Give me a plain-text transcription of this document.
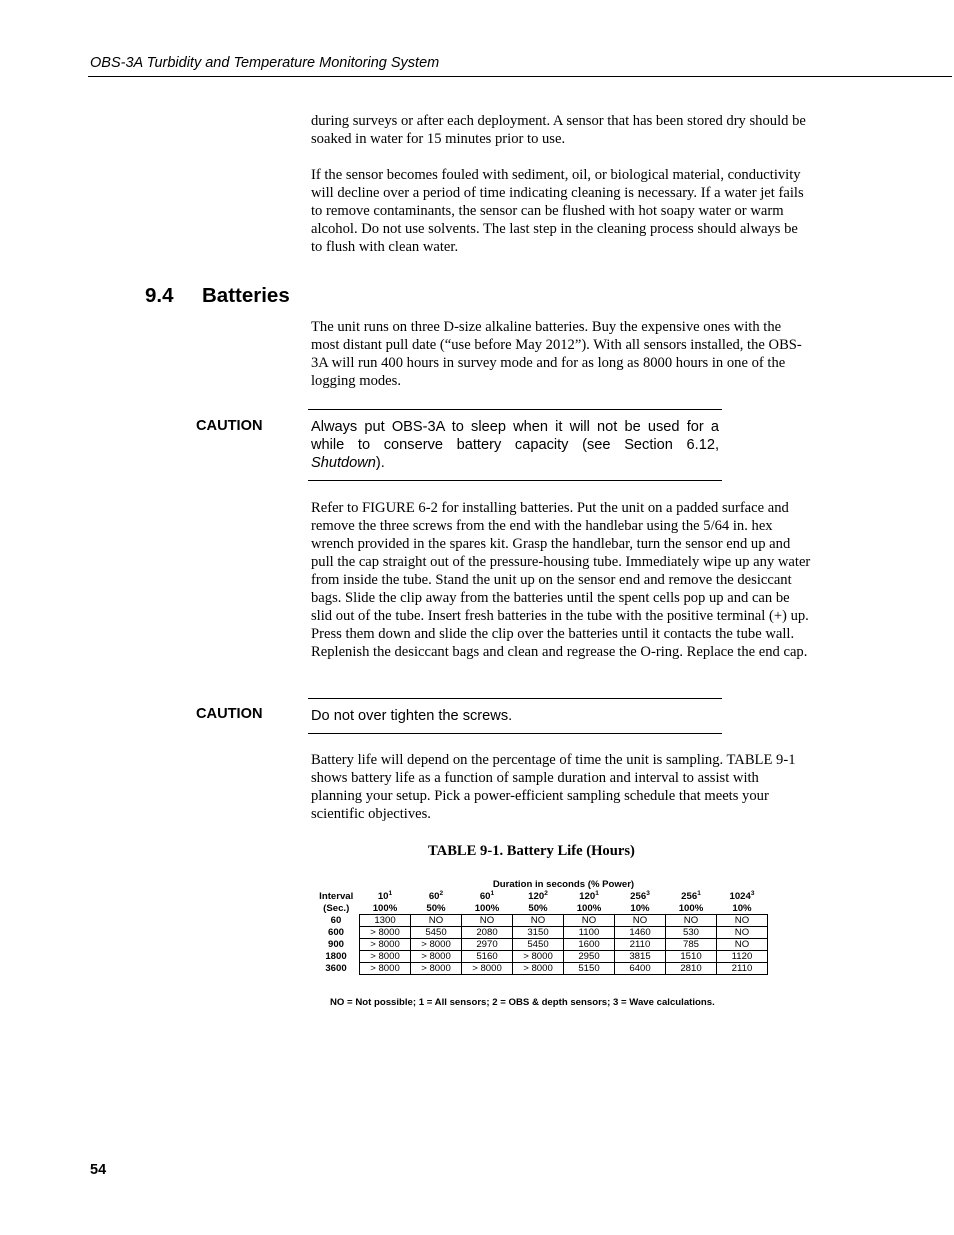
OBS-3A Turbidity and Temperature Monitoring System

during surveys or after each deployment. A sensor that has been stored dry should be soaked in water for 15 minutes prior to use.

If the sensor becomes fouled with sediment, oil, or biological material, conductivity will decline over a period of time indicating cleaning is necessary. If a water jet fails to remove contaminants, the sensor can be flushed with hot soapy water or warm alcohol. Do not use solvents. The last step in the cleaning process should always be to flush with clean water.

9.4 Batteries

The unit runs on three D-size alkaline batteries. Buy the expensive ones with the most distant pull date (“use before May 2012”). With all sensors installed, the OBS-3A will run 400 hours in survey mode and for as long as 8000 hours in one of the logging modes.

CAUTION	Always put OBS-3A to sleep when it will not be used for a while to conserve battery capacity (see Section 6.12, Shutdown).

Refer to FIGURE 6-2 for installing batteries. Put the unit on a padded surface and remove the three screws from the end with the handlebar using the 5/64 in. hex wrench provided in the spares kit. Grasp the handlebar, turn the sensor end up and pull the cap straight out of the pressure-housing tube. Immediately wipe up any water from inside the tube. Stand the unit up on the sensor end and remove the desiccant bags. Slide the clip away from the batteries until the spent cells pop up and can be slid out of the tube. Insert fresh batteries in the tube with the positive terminal (+) up. Press them down and slide the clip over the batteries until it contacts the tube wall. Replenish the desiccant bags and clean and regrease the O-ring. Replace the end cap.

CAUTION	Do not over tighten the screws.

Battery life will depend on the percentage of time the unit is sampling. TABLE 9-1 shows battery life as a function of sample duration and interval to assist with planning your setup. Pick a power-efficient sampling schedule that meets your scientific objectives.

TABLE 9-1. Battery Life (Hours)
	Duration in seconds (% Power)							
Interval	$10^1$	$60^2$	$60^1$	$120^2$	$120^1$	$256^3$	$256^1$	1024$^3$
(Sec.)	100%	50%	100%	50%	100%	10%	100%	10%
60	1300	NO	NO	NO	NO	NO	NO	NO
600	> 8000	5450	2080	3150	1100	1460	530	NO
900	> 8000	> 8000	2970	5450	1600	2110	785	NO
1800	> 8000	> 8000	5160	> 8000	2950	3815	1510	1120
3600	> 8000	> 8000	> 8000	> 8000	5150	6400	2810	2110
NO = Not possible; 1 = All sensors; 2 = OBS & depth sensors; 3 = Wave calculations.
54
